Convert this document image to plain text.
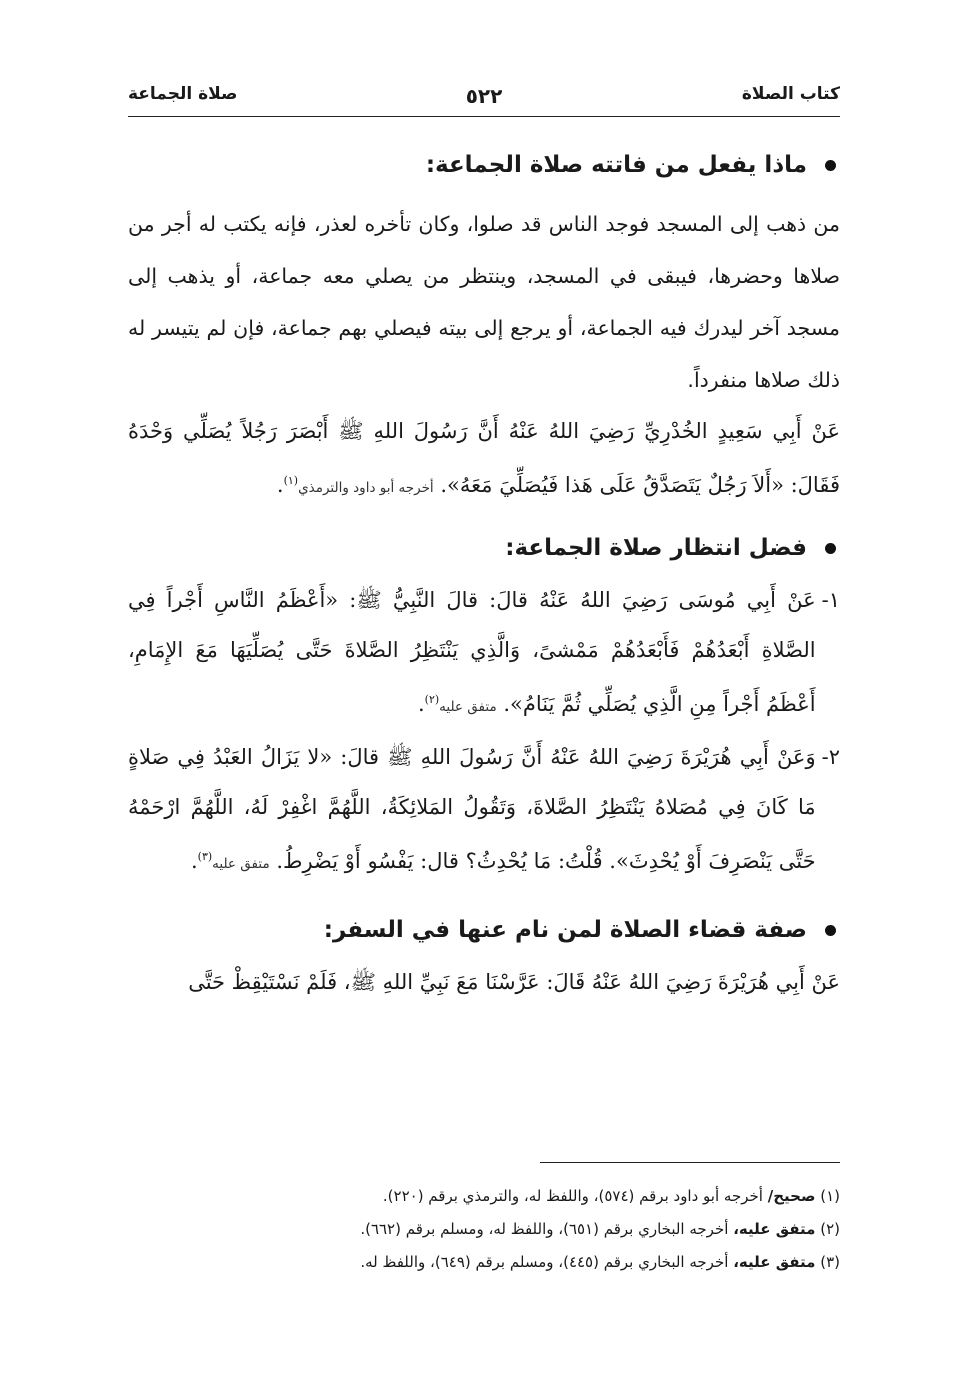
كتاب الصلاة
٥٢٢
صلاة الجماعة
ماذا يفعل من فاتته صلاة الجماعة:

من ذهب إلى المسجد فوجد الناس قد صلوا، وكان تأخره لعذر، فإنه يكتب له أجر من صلاها وحضرها، فيبقى في المسجد، وينتظر من يصلي معه جماعة، أو يذهب إلى مسجد آخر ليدرك فيه الجماعة، أو يرجع إلى بيته فيصلي بهم جماعة، فإن لم يتيسر له ذلك صلاها منفرداً.

عَنْ أَبِي سَعِيدٍ الخُدْرِيِّ رَضِيَ اللهُ عَنْهُ أَنَّ رَسُولَ اللهِ ﷺ أَبْصَرَ رَجُلاً يُصَلِّي وَحْدَهُ فَقَالَ: «أَلاَ رَجُلٌ يَتَصَدَّقُ عَلَى هَذا فَيُصَلِّيَ مَعَهُ». أخرجه أبو داود والترمذي$^{(١)}$.

فضل انتظار صلاة الجماعة:
١-

عَنْ أَبِي مُوسَى رَضِيَ اللهُ عَنْهُ قالَ: قالَ النَّبِيُّ ﷺ: «أَعْظَمُ النَّاسِ أَجْراً فِي الصَّلاةِ أَبْعَدُهُمْ فَأَبْعَدُهُمْ مَمْشىً، وَالَّذِي يَنْتَظِرُ الصَّلاةَ حَتَّى يُصَلِّيَهَا مَعَ الإِمَامِ، أَعْظَمُ أَجْراً مِنِ الَّذِي يُصَلِّي ثُمَّ يَنَامُ». متفق عليه$^{(٢)}$.

٢-

وَعَنْ أَبِي هُرَيْرَةَ رَضِيَ اللهُ عَنْهُ أَنَّ رَسُولَ اللهِ ﷺ قالَ: «لا يَزَالُ العَبْدُ فِي صَلاةٍ مَا كَانَ فِي مُصَلاهُ يَنْتَظِرُ الصَّلاةَ، وَتَقُولُ المَلائِكَةُ، اللَّهُمَّ اغْفِرْ لَهُ، اللَّهُمَّ ارْحَمْهُ حَتَّى يَنْصَرِفَ أَوْ يُحْدِثَ». قُلْتُ: مَا يُحْدِثُ؟ قال: يَفْسُو أَوْ يَضْرِطُ. متفق عليه$^{(٣)}$.

صفة قضاء الصلاة لمن نام عنها في السفر:

عَنْ أَبِي هُرَيْرَةَ رَضِيَ اللهُ عَنْهُ قَالَ: عَرَّسْنَا مَعَ نَبِيِّ اللهِ ﷺ، فَلَمْ نَسْتَيْقِظْ حَتَّى

(١) صحيح/ أخرجه أبو داود برقم (٥٧٤)، واللفظ له، والترمذي برقم (٢٢٠).

(٢) متفق عليه، أخرجه البخاري برقم (٦٥١)، واللفظ له، ومسلم برقم (٦٦٢).

(٣) متفق عليه، أخرجه البخاري برقم (٤٤٥)، ومسلم برقم (٦٤٩)، واللفظ له.
